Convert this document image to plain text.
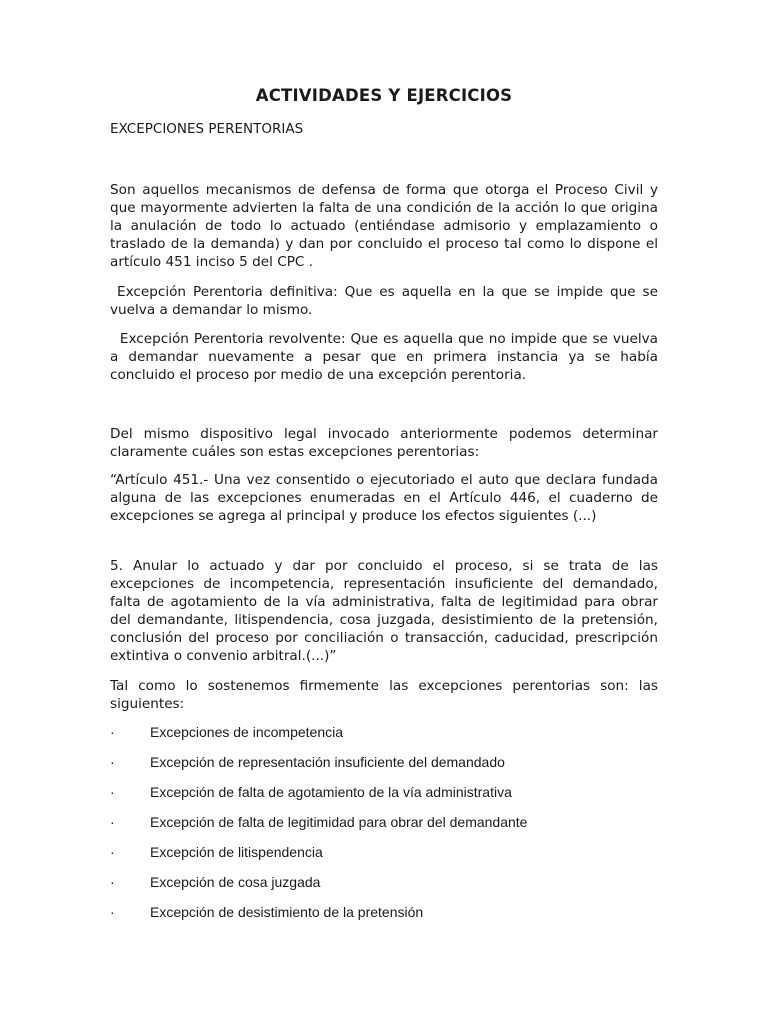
ACTIVIDADES Y EJERCICIOS
EXCEPCIONES PERENTORIAS

Son aquellos mecanismos de defensa de forma que otorga el Proceso Civil y que mayormente advierten la falta de una condición de la acción lo que origina la anulación de todo lo actuado (entiéndase admisorio y emplazamiento o traslado de la demanda) y dan por concluido el proceso tal como lo dispone el artículo 451 inciso 5 del CPC .

Excepción Perentoria definitiva: Que es aquella en la que se impide que se vuelva a demandar lo mismo.

Excepción Perentoria revolvente: Que es aquella que no impide que se vuelva a demandar nuevamente a pesar que en primera instancia ya se había concluido el proceso por medio de una excepción perentoria.

Del mismo dispositivo legal invocado anteriormente podemos determinar claramente cuáles son estas excepciones perentorias:

“Artículo 451.- Una vez consentido o ejecutoriado el auto que declara fundada alguna de las excepciones enumeradas en el Artículo 446, el cuaderno de excepciones se agrega al principal y produce los efectos siguientes (...)

5. Anular lo actuado y dar por concluido el proceso, si se trata de las excepciones de incompetencia, representación insuficiente del demandado, falta de agotamiento de la vía administrativa, falta de legitimidad para obrar del demandante, litispendencia, cosa juzgada, desistimiento de la pretensión, conclusión del proceso por conciliación o transacción, caducidad, prescripción extintiva o convenio arbitral.(...)”

Tal como lo sostenemos firmemente las excepciones perentorias son: las siguientes:

·	Excepciones de incompetencia
·	Excepción de representación insuficiente del demandado
·	Excepción de falta de agotamiento de la vía administrativa
·	Excepción de falta de legitimidad para obrar del demandante
·	Excepción de litispendencia
·	Excepción de cosa juzgada
·	Excepción de desistimiento de la pretensión
